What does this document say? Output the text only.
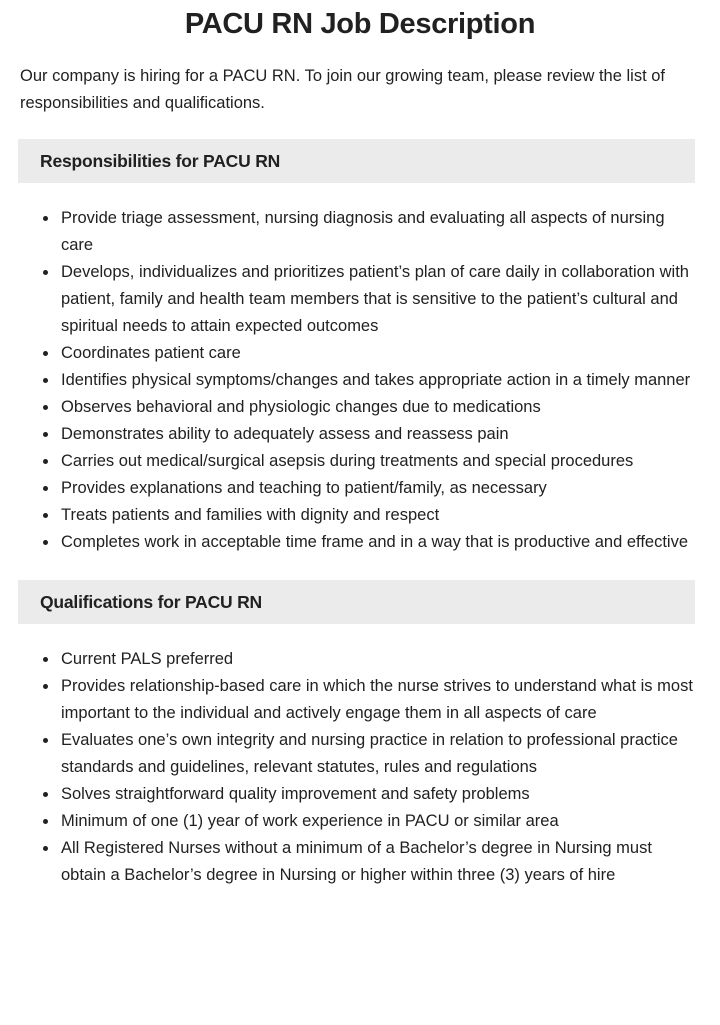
PACU RN Job Description

Our company is hiring for a PACU RN. To join our growing team, please review the list of responsibilities and qualifications.

Responsibilities for PACU RN
• Provide triage assessment, nursing diagnosis and evaluating all aspects of nursing care
• Develops, individualizes and prioritizes patient’s plan of care daily in collaboration with patient, family and health team members that is sensitive to the patient’s cultural and spiritual needs to attain expected outcomes
• Coordinates patient care
• Identifies physical symptoms/changes and takes appropriate action in a timely manner
• Observes behavioral and physiologic changes due to medications
• Demonstrates ability to adequately assess and reassess pain
• Carries out medical/surgical asepsis during treatments and special procedures
• Provides explanations and teaching to patient/family, as necessary
• Treats patients and families with dignity and respect
• Completes work in acceptable time frame and in a way that is productive and effective
Qualifications for PACU RN
• Current PALS preferred
• Provides relationship-based care in which the nurse strives to understand what is most important to the individual and actively engage them in all aspects of care
• Evaluates one’s own integrity and nursing practice in relation to professional practice standards and guidelines, relevant statutes, rules and regulations
• Solves straightforward quality improvement and safety problems
• Minimum of one (1) year of work experience in PACU or similar area
• All Registered Nurses without a minimum of a Bachelor’s degree in Nursing must obtain a Bachelor’s degree in Nursing or higher within three (3) years of hire
